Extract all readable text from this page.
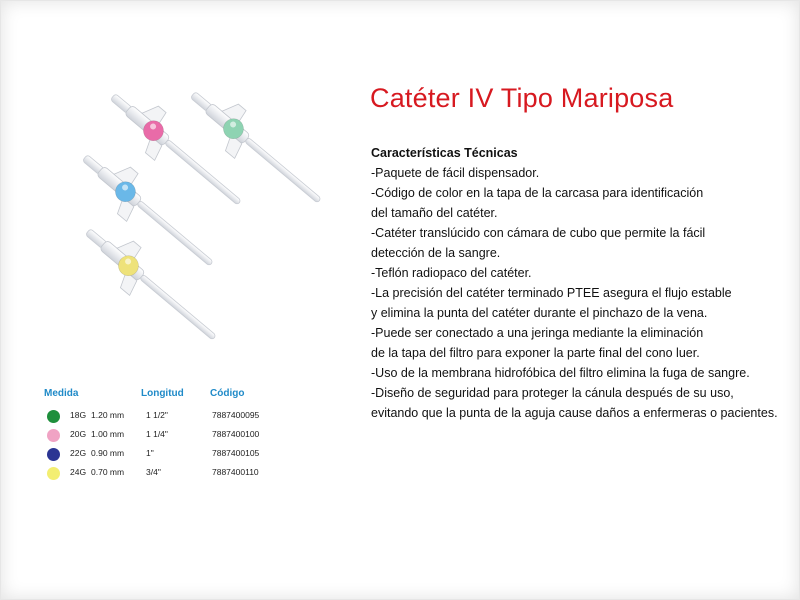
Catéter IV Tipo Mariposa
Características Técnicas
-Paquete de fácil dispensador.
-Código de color en la tapa de la carcasa para identificación
del tamaño del catéter.
-Catéter translúcido con cámara de cubo que permite la fácil
detección de la sangre.
-Teflón radiopaco del catéter.
-La precisión del catéter terminado PTEE asegura el flujo estable
y elimina la punta del catéter durante el pinchazo de la vena.
-Puede ser conectado a una jeringa mediante la eliminación
de la tapa del filtro para exponer la parte final del cono luer.
-Uso de la membrana hidrofóbica del filtro elimina la fuga de sangre.
-Diseño de seguridad para proteger la cánula después de su uso,
evitando que la punta de la aguja cause daños a enfermeras o pacientes.
Medida	Longitud	Código
18G 1.20 mm	1 1/2"	7887400095
20G 1.00 mm	1 1/4"	7887400100
22G 0.90 mm	1"	7887400105
24G 0.70 mm	3/4"	7887400110
